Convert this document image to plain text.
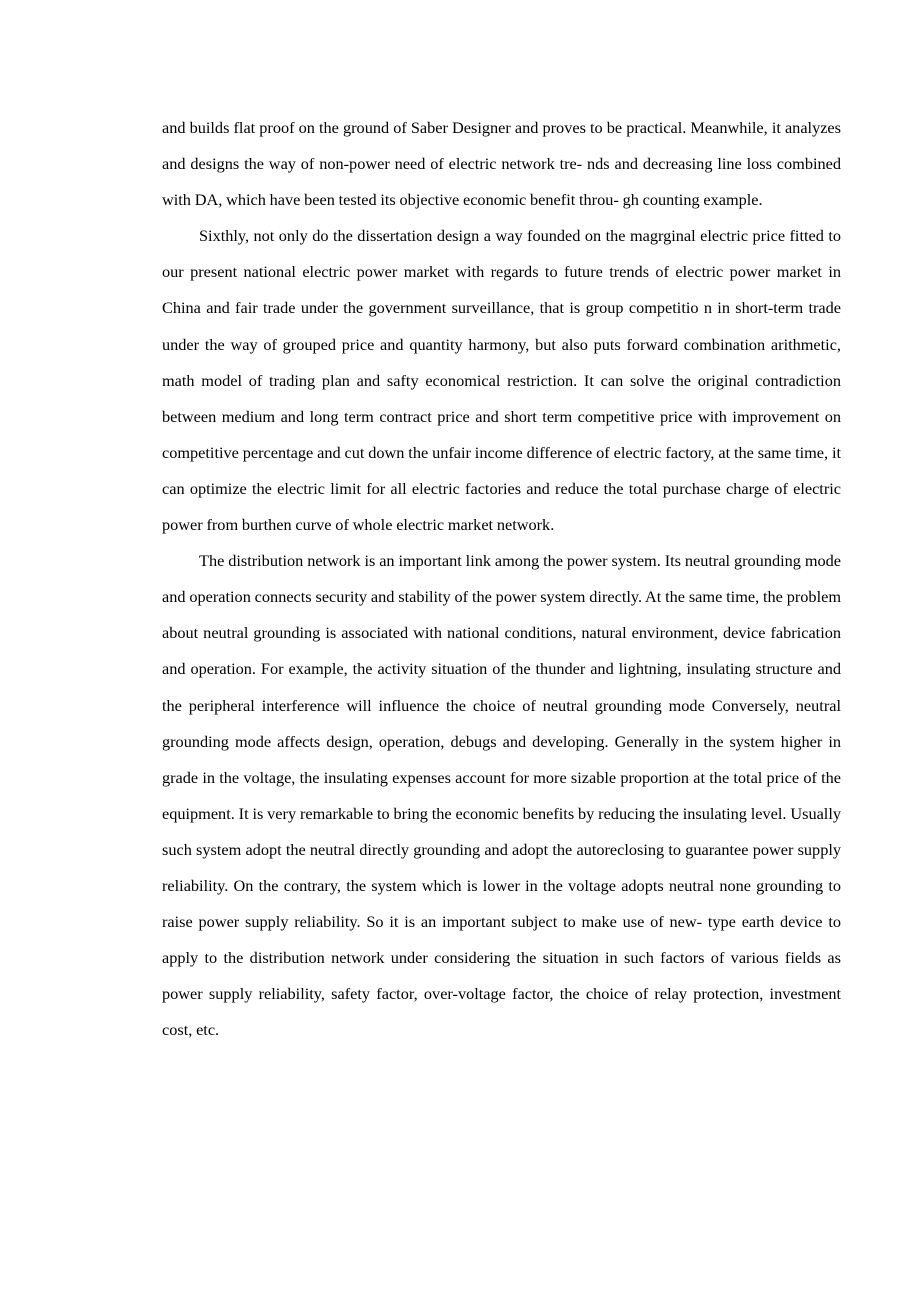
and builds flat proof on the ground of Saber Designer and proves to be practical. Meanwhile, it analyzes and designs the way of non-power need of electric network tre- nds and decreasing line loss combined with DA, which have been tested its objective economic benefit throu- gh counting example.

Sixthly, not only do the dissertation design a way founded on the magrginal electric price fitted to our present national electric power market with regards to future trends of electric power market in China and fair trade under the government surveillance, that is group competitio n in short-term trade under the way of grouped price and quantity harmony, but also puts forward combination arithmetic, math model of trading plan and safty economical restriction. It can solve the original contradiction between medium and long term contract price and short term competitive price with improvement on competitive percentage and cut down the unfair income difference of electric factory, at the same time, it can optimize the electric limit for all electric factories and reduce the total purchase charge of electric power from burthen curve of whole electric market network.

The distribution network is an important link among the power system. Its neutral grounding mode and operation connects security and stability of the power system directly. At the same time, the problem about neutral grounding is associated with national conditions, natural environment, device fabrication and operation. For example, the activity situation of the thunder and lightning, insulating structure and the peripheral interference will influence the choice of neutral grounding mode Conversely, neutral grounding mode affects design, operation, debugs and developing. Generally in the system higher in grade in the voltage, the insulating expenses account for more sizable proportion at the total price of the equipment. It is very remarkable to bring the economic benefits by reducing the insulating level. Usually such system adopt the neutral directly grounding and adopt the autoreclosing to guarantee power supply reliability. On the contrary, the system which is lower in the voltage adopts neutral none grounding to raise power supply reliability. So it is an important subject to make use of new- type earth device to apply to the distribution network under considering the situation in such factors of various fields as power supply reliability, safety factor, over-voltage factor, the choice of relay protection, investment cost, etc.
